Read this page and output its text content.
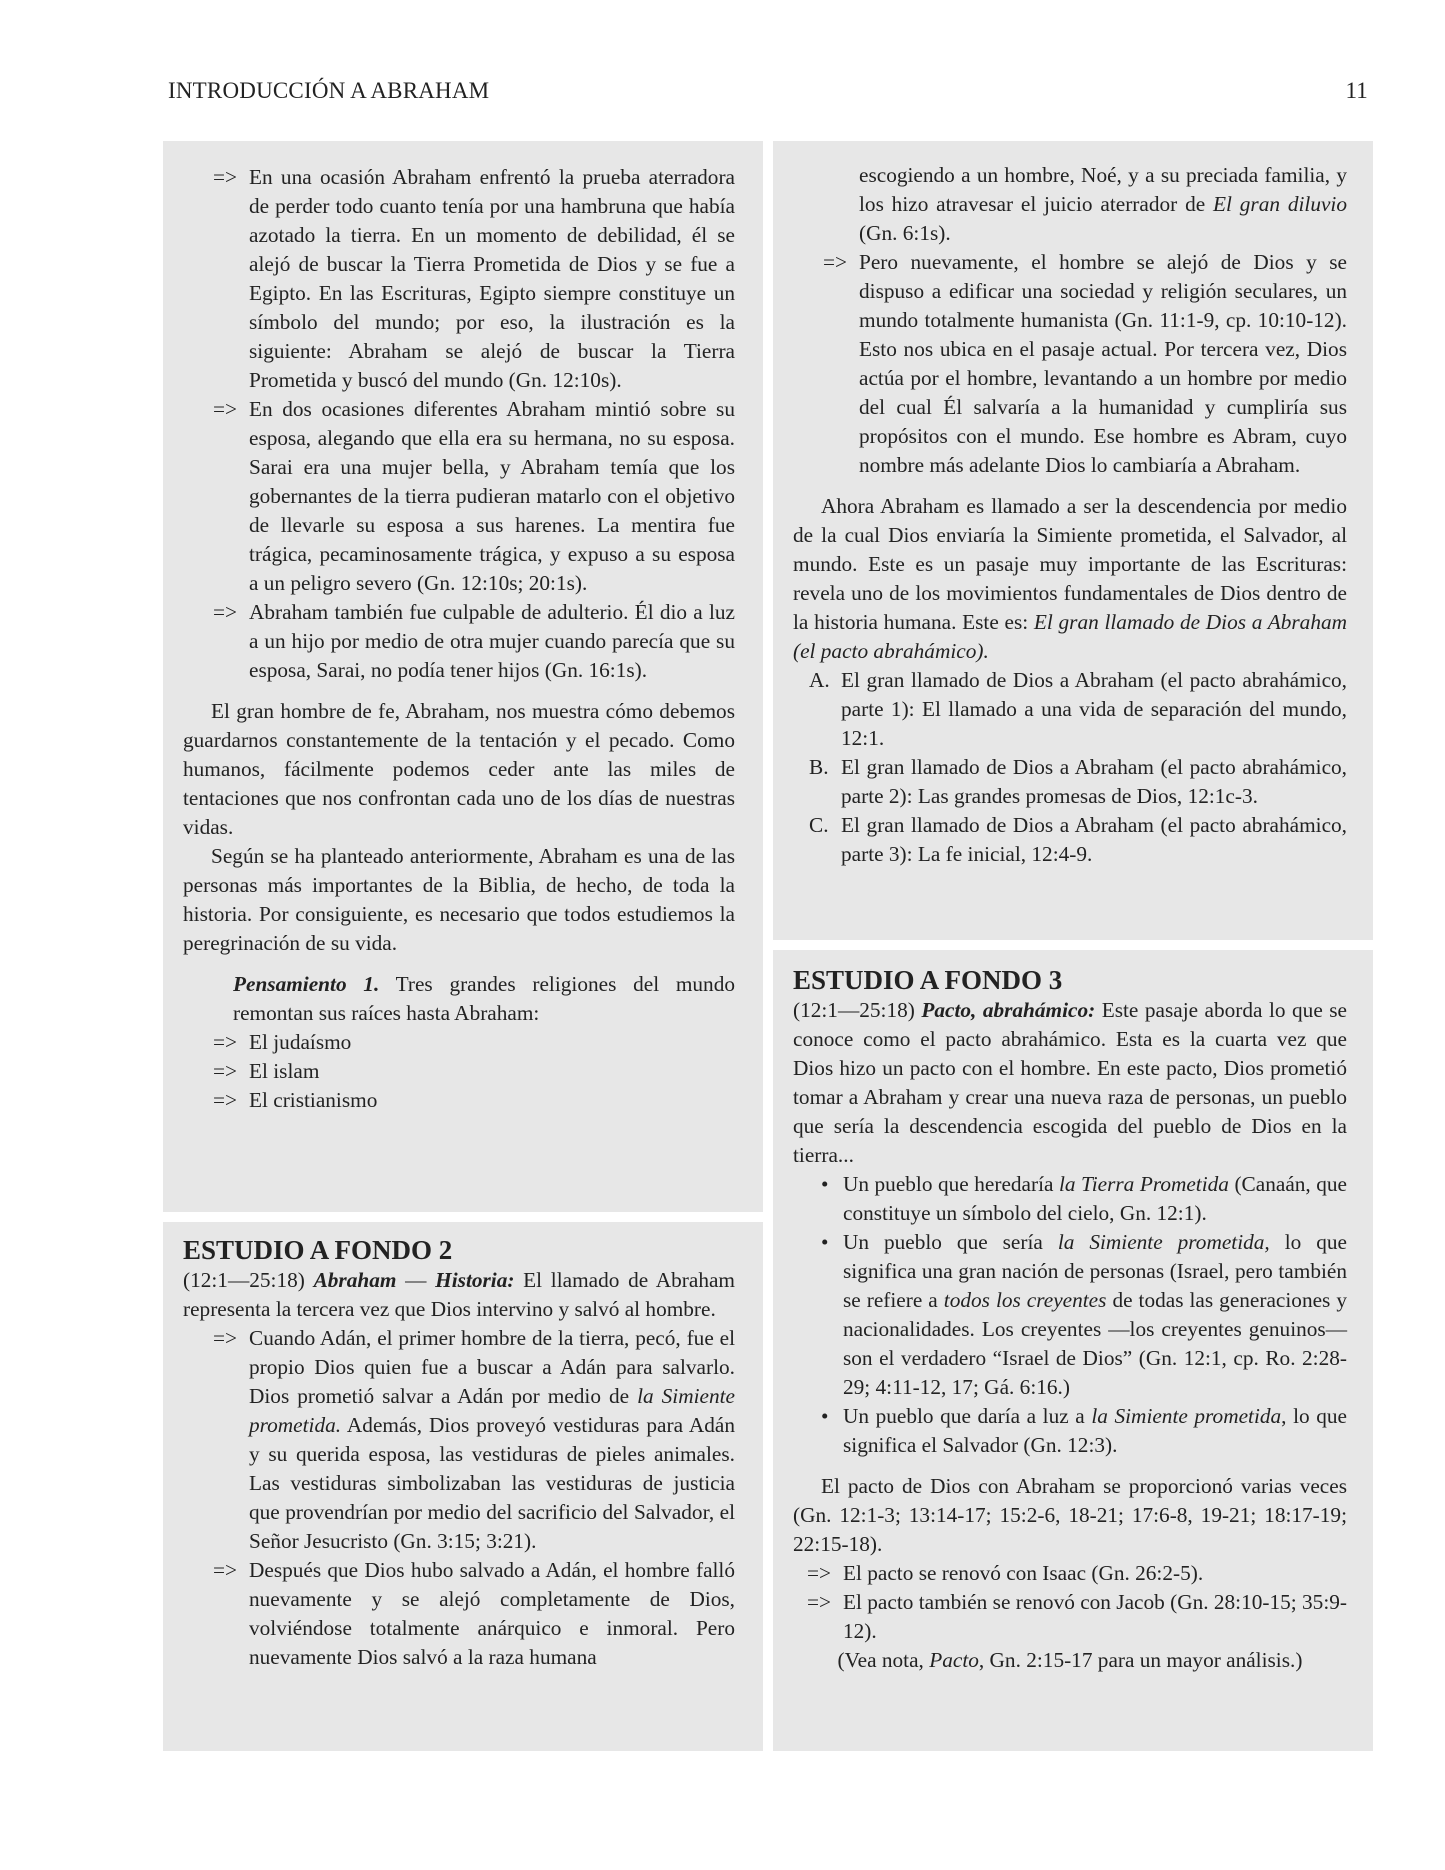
INTRODUCCIÓN A ABRAHAM	11
=> En una ocasión Abraham enfrentó la prueba aterradora de perder todo cuanto tenía por una hambruna que había azotado la tierra. En un momento de debilidad, él se alejó de buscar la Tierra Prometida de Dios y se fue a Egipto. En las Escrituras, Egipto siempre constituye un símbolo del mundo; por eso, la ilustración es la siguiente: Abraham se alejó de buscar la Tierra Prometida y buscó del mundo (Gn. 12:10s).
=> En dos ocasiones diferentes Abraham mintió sobre su esposa, alegando que ella era su hermana, no su esposa. Sarai era una mujer bella, y Abraham temía que los gobernantes de la tierra pudieran matarlo con el objetivo de llevarle su esposa a sus harenes. La mentira fue trágica, pecaminosamente trágica, y expuso a su esposa a un peligro severo (Gn. 12:10s; 20:1s).
=> Abraham también fue culpable de adulterio. Él dio a luz a un hijo por medio de otra mujer cuando parecía que su esposa, Sarai, no podía tener hijos (Gn. 16:1s).

El gran hombre de fe, Abraham, nos muestra cómo debemos guardarnos constantemente de la tentación y el pecado. Como humanos, fácilmente podemos ceder ante las miles de tentaciones que nos confrontan cada uno de los días de nuestras vidas.

Según se ha planteado anteriormente, Abraham es una de las personas más importantes de la Biblia, de hecho, de toda la historia. Por consiguiente, es necesario que todos estudiemos la peregrinación de su vida.

Pensamiento 1. Tres grandes religiones del mundo remontan sus raíces hasta Abraham:

=> El judaísmo
=> El islam
=> El cristianismo

ESTUDIO A FONDO 2

(12:1—25:18) Abraham — Historia: El llamado de Abraham representa la tercera vez que Dios intervino y salvó al hombre.

=> Cuando Adán, el primer hombre de la tierra, pecó, fue el propio Dios quien fue a buscar a Adán para salvarlo. Dios prometió salvar a Adán por medio de la Simiente prometida. Además, Dios proveyó vestiduras para Adán y su querida esposa, las vestiduras de pieles animales. Las vestiduras simbolizaban las vestiduras de justicia que provendrían por medio del sacrificio del Salvador, el Señor Jesucristo (Gn. 3:15; 3:21).
=> Después que Dios hubo salvado a Adán, el hombre falló nuevamente y se alejó completamente de Dios, volviéndose totalmente anárquico e inmoral. Pero nuevamente Dios salvó a la raza humana

escogiendo a un hombre, Noé, y a su preciada familia, y los hizo atravesar el juicio aterrador de El gran diluvio (Gn. 6:1s).

=> Pero nuevamente, el hombre se alejó de Dios y se dispuso a edificar una sociedad y religión seculares, un mundo totalmente humanista (Gn. 11:1-9, cp. 10:10-12). Esto nos ubica en el pasaje actual. Por tercera vez, Dios actúa por el hombre, levantando a un hombre por medio del cual Él salvaría a la humanidad y cumpliría sus propósitos con el mundo. Ese hombre es Abram, cuyo nombre más adelante Dios lo cambiaría a Abraham.

Ahora Abraham es llamado a ser la descendencia por medio de la cual Dios enviaría la Simiente prometida, el Salvador, al mundo. Este es un pasaje muy importante de las Escrituras: revela uno de los movimientos fundamentales de Dios dentro de la historia humana. Este es: El gran llamado de Dios a Abraham (el pacto abrahámico).

A. El gran llamado de Dios a Abraham (el pacto abrahámico, parte 1): El llamado a una vida de separación del mundo, 12:1.
B. El gran llamado de Dios a Abraham (el pacto abrahámico, parte 2): Las grandes promesas de Dios, 12:1c-3.
C. El gran llamado de Dios a Abraham (el pacto abrahámico, parte 3): La fe inicial, 12:4-9.

ESTUDIO A FONDO 3

(12:1—25:18) Pacto, abrahámico: Este pasaje aborda lo que se conoce como el pacto abrahámico. Esta es la cuarta vez que Dios hizo un pacto con el hombre. En este pacto, Dios prometió tomar a Abraham y crear una nueva raza de personas, un pueblo que sería la descendencia escogida del pueblo de Dios en la tierra...

• Un pueblo que heredaría la Tierra Prometida (Canaán, que constituye un símbolo del cielo, Gn. 12:1).
• Un pueblo que sería la Simiente prometida, lo que significa una gran nación de personas (Israel, pero también se refiere a todos los creyentes de todas las generaciones y nacionalidades. Los creyentes —los creyentes genuinos— son el verdadero “Israel de Dios” (Gn. 12:1, cp. Ro. 2:28-29; 4:11-12, 17; Gá. 6:16.)
• Un pueblo que daría a luz a la Simiente prometida, lo que significa el Salvador (Gn. 12:3).

El pacto de Dios con Abraham se proporcionó varias veces (Gn. 12:1-3; 13:14-17; 15:2-6, 18-21; 17:6-8, 19-21; 18:17-19; 22:15-18).

=> El pacto se renovó con Isaac (Gn. 26:2-5).
=> El pacto también se renovó con Jacob (Gn. 28:10-15; 35:9-12).

(Vea nota, Pacto, Gn. 2:15-17 para un mayor análisis.)
